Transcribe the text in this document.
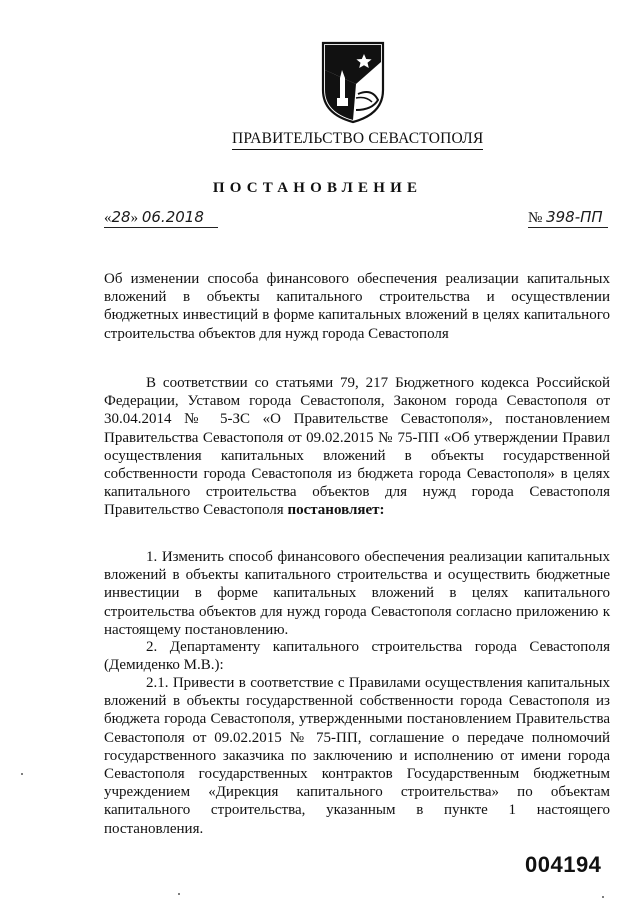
ПРАВИТЕЛЬСТВО СЕВАСТОПОЛЯ
ПОСТАНОВЛЕНИЕ
«28» 06.2018	№ 398-ПП
Об изменении способа финансового обеспечения реализации капитальных вложений в объекты капитального строительства и осуществлении бюджетных инвестиций в форме капитальных вложений в целях капитального строительства объектов для нужд города Севастополя
В соответствии со статьями 79, 217 Бюджетного кодекса Российской Федерации, Уставом города Севастополя, Законом города Севастополя от 30.04.2014 № 5-ЗС «О Правительстве Севастополя», постановлением Правительства Севастополя от 09.02.2015 № 75-ПП «Об утверждении Правил осуществления капитальных вложений в объекты государственной собственности города Севастополя из бюджета города Севастополя» в целях капитального строительства объектов для нужд города Севастополя Правительство Севастополя постановляет:
1. Изменить способ финансового обеспечения реализации капитальных вложений в объекты капитального строительства и осуществить бюджетные инвестиции в форме капитальных вложений в целях капитального строительства объектов для нужд города Севастополя согласно приложению к настоящему постановлению.
2. Департаменту капитального строительства города Севастополя (Демиденко М.В.):
2.1. Привести в соответствие с Правилами осуществления капитальных вложений в объекты государственной собственности города Севастополя из бюджета города Севастополя, утвержденными постановлением Правительства Севастополя от 09.02.2015 № 75-ПП, соглашение о передаче полномочий государственного заказчика по заключению и исполнению от имени города Севастополя государственных контрактов Государственным бюджетным учреждением «Дирекция капитального строительства» по объектам капитального строительства, указанным в пункте 1 настоящего постановления.
004194
